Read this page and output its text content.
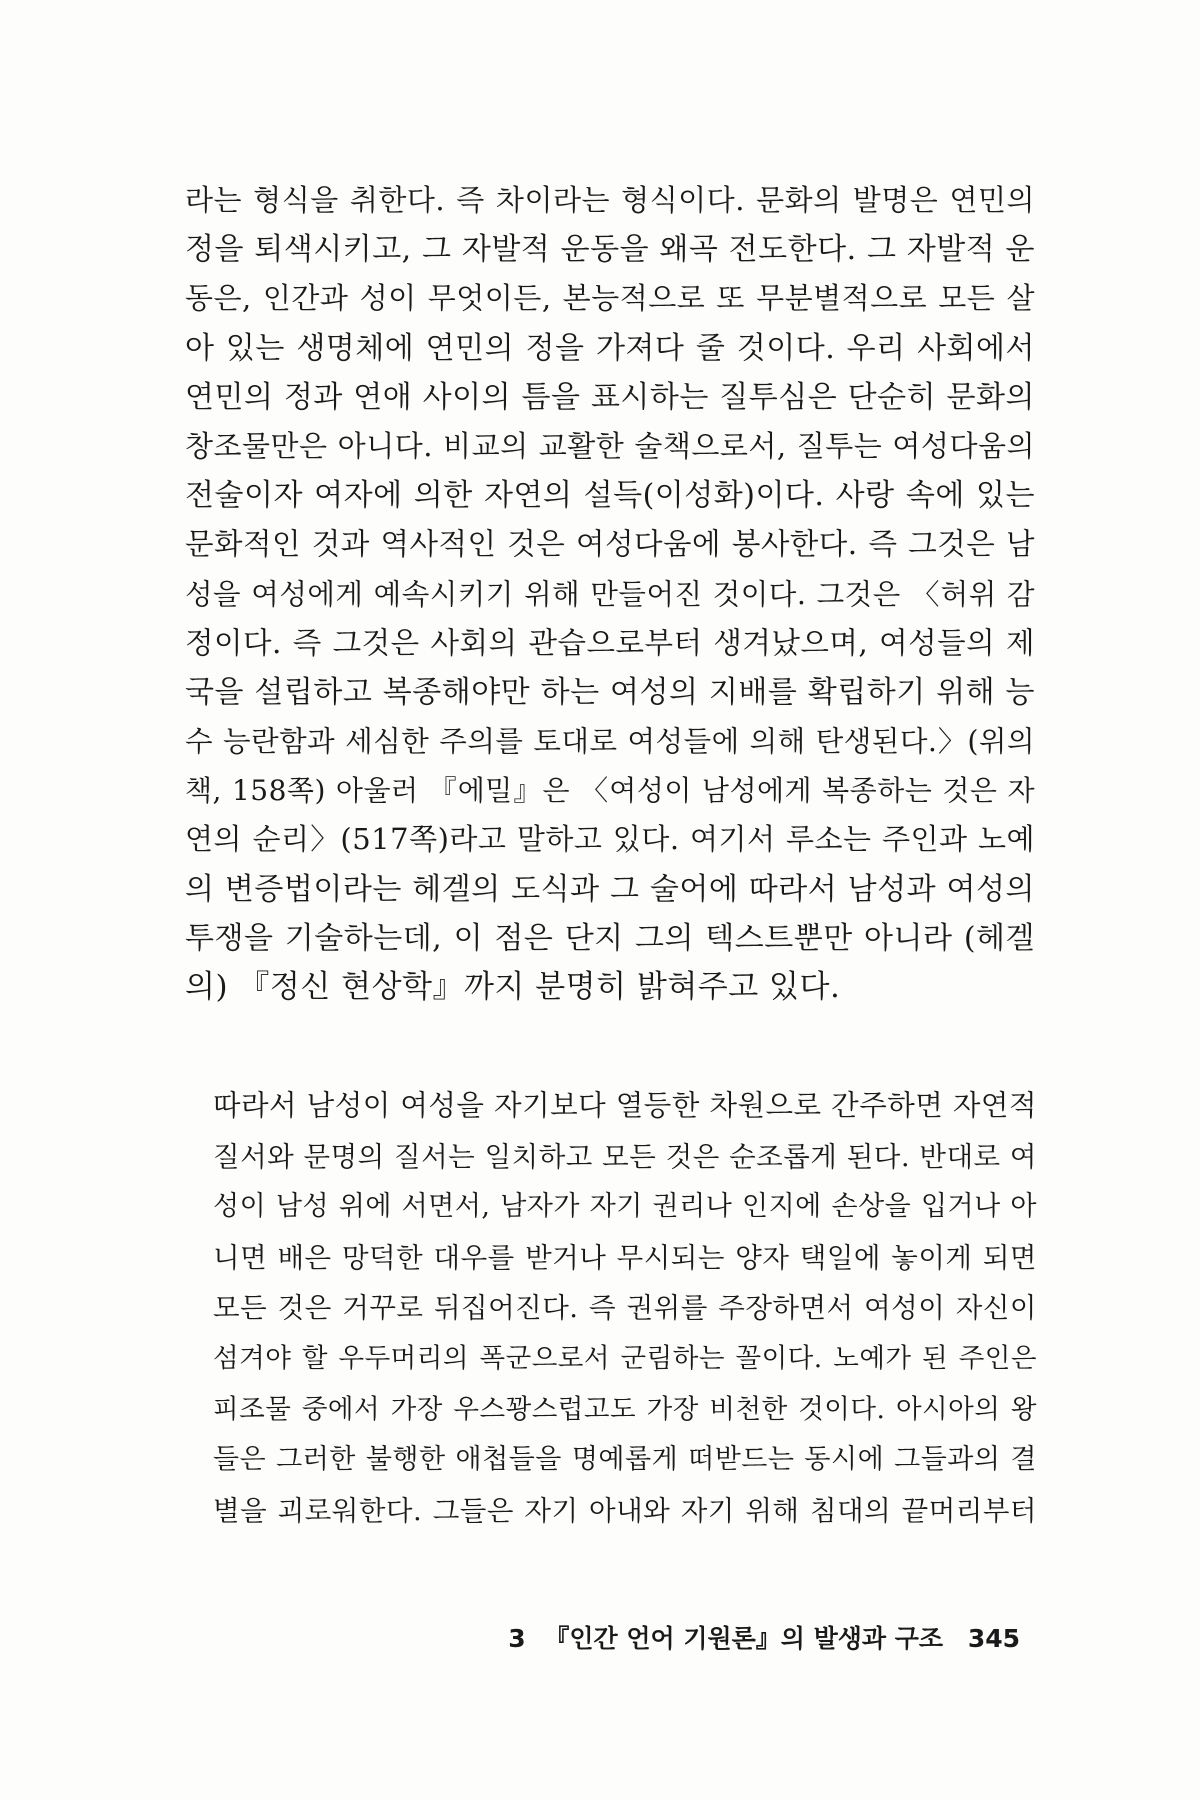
라는 형식을 취한다. 즉 차이라는 형식이다. 문화의 발명은 연민의
정을 퇴색시키고, 그 자발적 운동을 왜곡 전도한다. 그 자발적 운
동은, 인간과 성이 무엇이든, 본능적으로 또 무분별적으로 모든 살
아 있는 생명체에 연민의 정을 가져다 줄 것이다. 우리 사회에서
연민의 정과 연애 사이의 틈을 표시하는 질투심은 단순히 문화의
창조물만은 아니다. 비교의 교활한 술책으로서, 질투는 여성다움의
전술이자 여자에 의한 자연의 설득(이성화)이다. 사랑 속에 있는
문화적인 것과 역사적인 것은 여성다움에 봉사한다. 즉 그것은 남
성을 여성에게 예속시키기 위해 만들어진 것이다. 그것은 〈허위 감
정이다. 즉 그것은 사회의 관습으로부터 생겨났으며, 여성들의 제
국을 설립하고 복종해야만 하는 여성의 지배를 확립하기 위해 능
수 능란함과 세심한 주의를 토대로 여성들에 의해 탄생된다.〉(위의
책, 158쪽) 아울러 『에밀』은 〈여성이 남성에게 복종하는 것은 자
연의 순리〉(517쪽)라고 말하고 있다. 여기서 루소는 주인과 노예
의 변증법이라는 헤겔의 도식과 그 술어에 따라서 남성과 여성의
투쟁을 기술하는데, 이 점은 단지 그의 텍스트뿐만 아니라 (헤겔
의) 『정신 현상학』까지 분명히 밝혀주고 있다.
따라서 남성이 여성을 자기보다 열등한 차원으로 간주하면 자연적
질서와 문명의 질서는 일치하고 모든 것은 순조롭게 된다. 반대로 여
성이 남성 위에 서면서, 남자가 자기 권리나 인지에 손상을 입거나 아
니면 배은 망덕한 대우를 받거나 무시되는 양자 택일에 놓이게 되면
모든 것은 거꾸로 뒤집어진다. 즉 권위를 주장하면서 여성이 자신이
섬겨야 할 우두머리의 폭군으로서 군림하는 꼴이다. 노예가 된 주인은
피조물 중에서 가장 우스꽝스럽고도 가장 비천한 것이다. 아시아의 왕
들은 그러한 불행한 애첩들을 명예롭게 떠받드는 동시에 그들과의 결
별을 괴로워한다. 그들은 자기 아내와 자기 위해 침대의 끝머리부터
3 『인간 언어 기원론』의 발생과 구조 345
